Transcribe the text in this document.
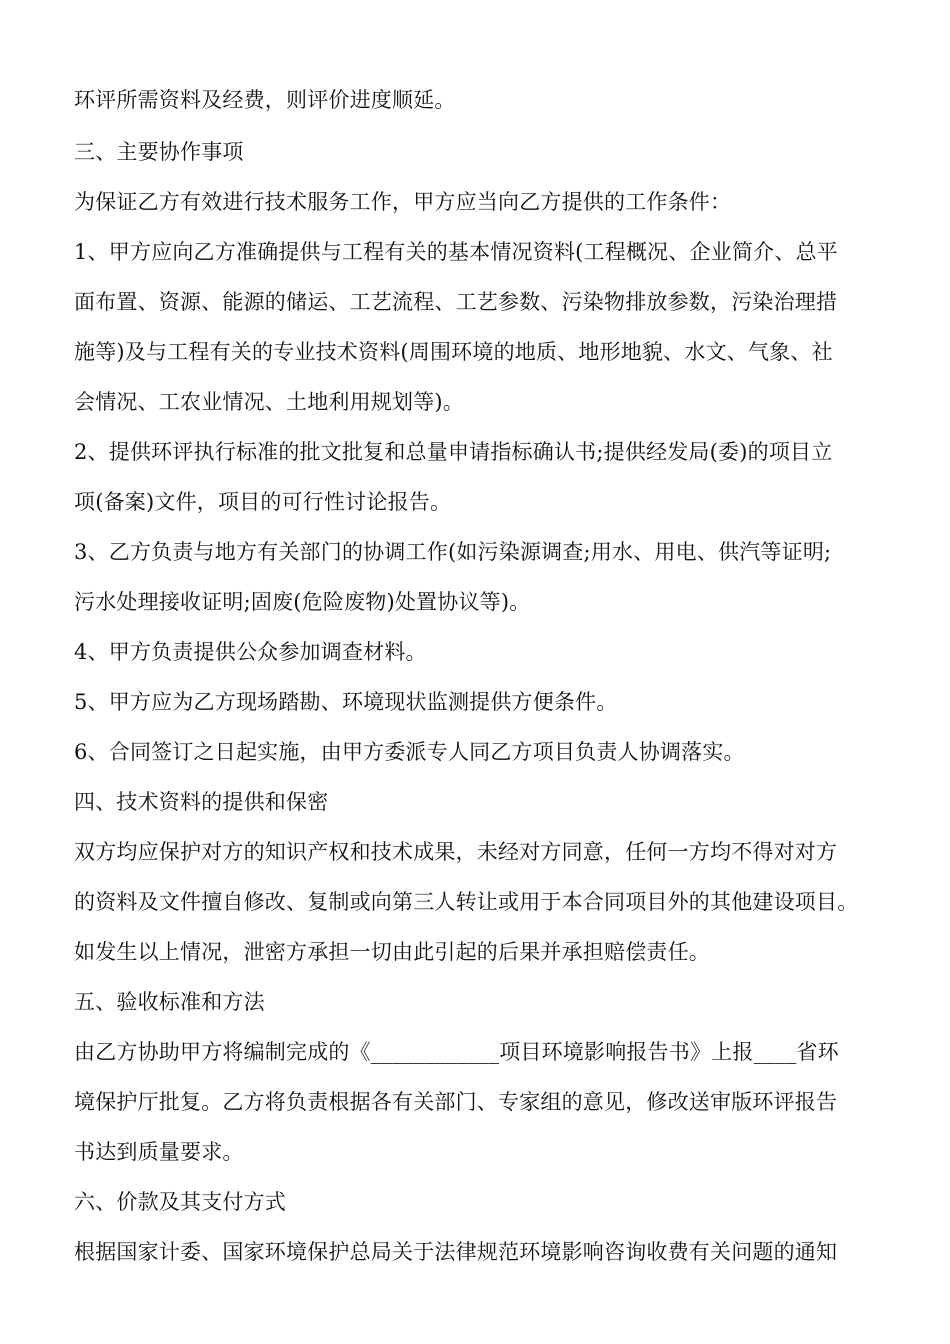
环评所需资料及经费，则评价进度顺延。

三、主要协作事项

为保证乙方有效进行技术服务工作，甲方应当向乙方提供的工作条件：

1、甲方应向乙方准确提供与工程有关的基本情况资料(工程概况、企业简介、总平

面布置、资源、能源的储运、工艺流程、工艺参数、污染物排放参数，污染治理措

施等)及与工程有关的专业技术资料(周围环境的地质、地形地貌、水文、气象、社

会情况、工农业情况、土地利用规划等)。

2、提供环评执行标准的批文批复和总量申请指标确认书;提供经发局(委)的项目立

项(备案)文件，项目的可行性讨论报告。

3、乙方负责与地方有关部门的协调工作(如污染源调查;用水、用电、供汽等证明;

污水处理接收证明;固废(危险废物)处置协议等)。

4、甲方负责提供公众参加调查材料。

5、甲方应为乙方现场踏勘、环境现状监测提供方便条件。

6、合同签订之日起实施，由甲方委派专人同乙方项目负责人协调落实。

四、技术资料的提供和保密

双方均应保护对方的知识产权和技术成果，未经对方同意，任何一方均不得对对方

的资料及文件擅自修改、复制或向第三人转让或用于本合同项目外的其他建设项目。

如发生以上情况，泄密方承担一切由此引起的后果并承担赔偿责任。

五、验收标准和方法

由乙方协助甲方将编制完成的《____________项目环境影响报告书》上报____省环

境保护厅批复。乙方将负责根据各有关部门、专家组的意见，修改送审版环评报告

书达到质量要求。

六、价款及其支付方式

根据国家计委、国家环境保护总局关于法律规范环境影响咨询收费有关问题的通知
